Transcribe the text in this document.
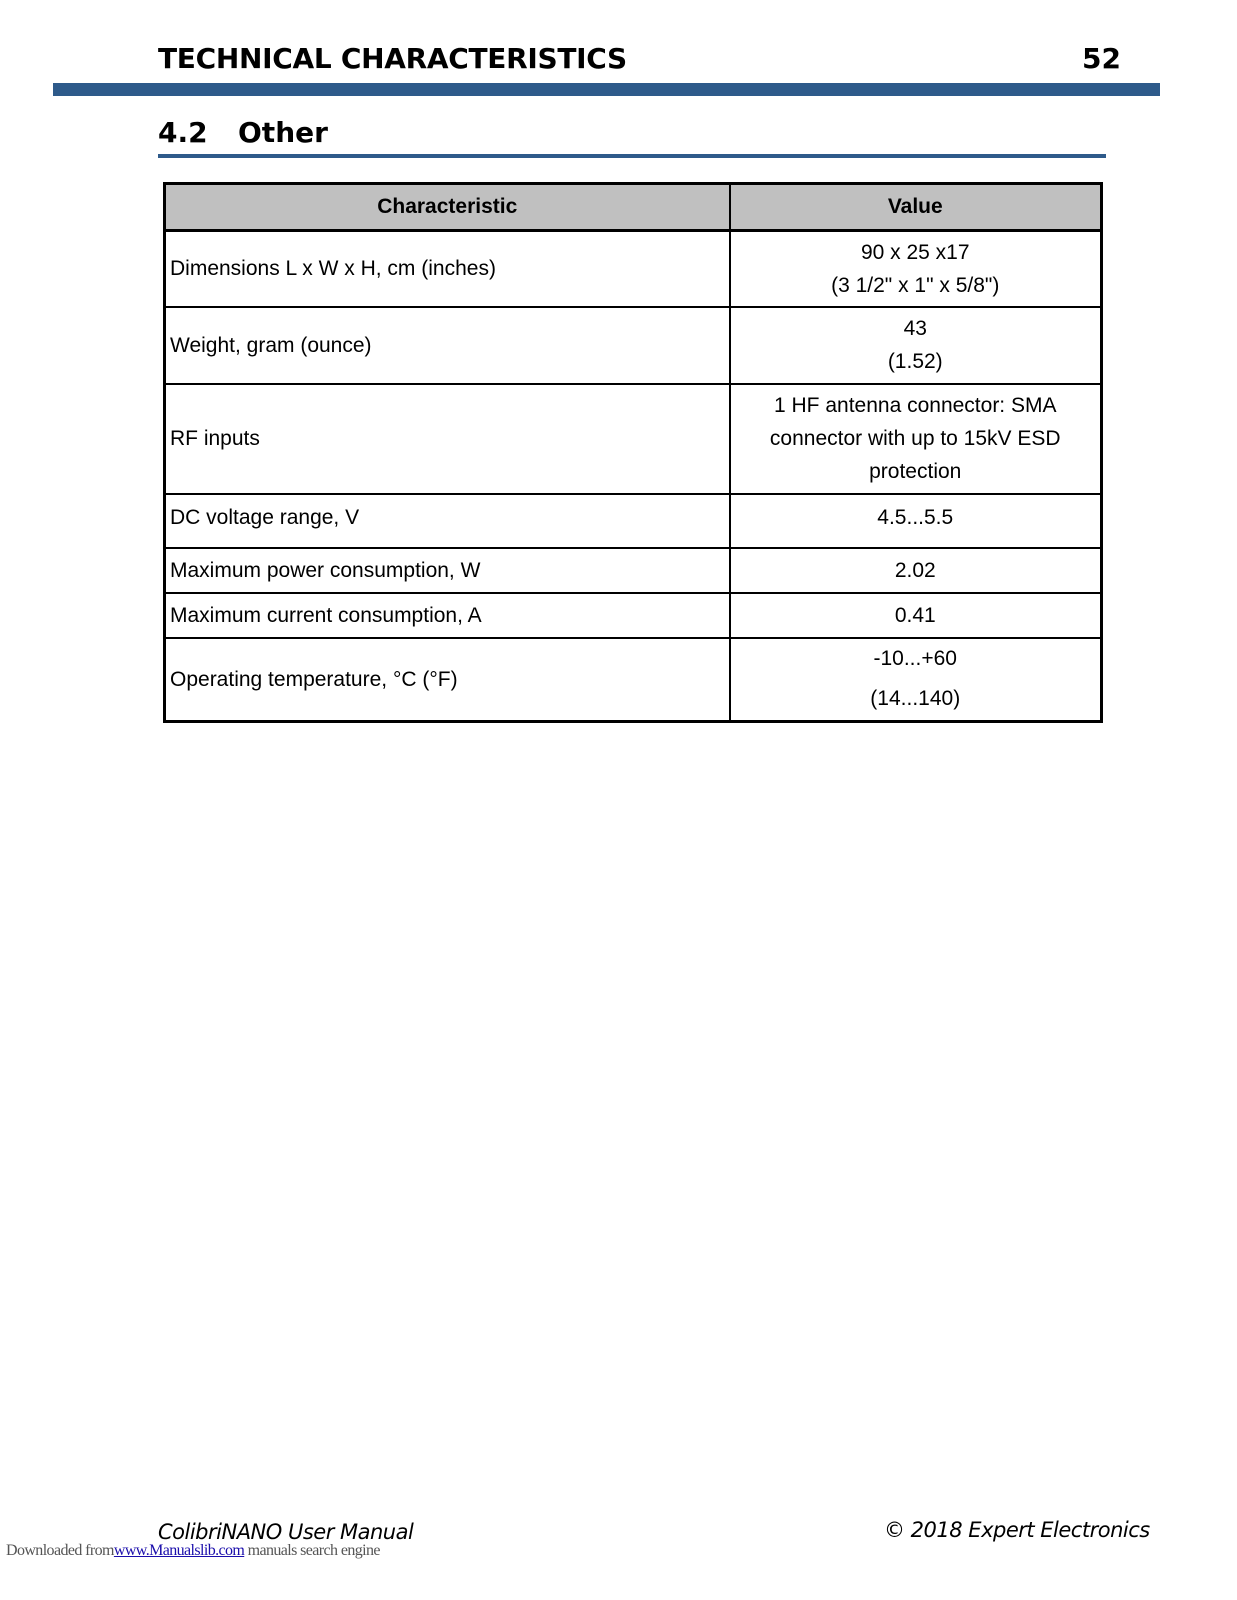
TECHNICAL CHARACTERISTICS	52
4.2 Other
Characteristic	Value
Dimensions L x W x H, cm (inches)	90 x 25 x17
(3 1/2" x 1" x 5/8")

Weight, gram (ounce)	43
(1.52)

RF inputs	1 HF antenna connector: SMA
connector with up to 15kV ESD
protection

DC voltage range, V	4.5...5.5

Maximum power consumption, W	2.02

Maximum current consumption, A	0.41

Operating temperature, °C (°F)	-10...+60
(14...140)
ColibriNANO User Manual	© 2018 Expert Electronics
Downloaded fromwww.Manualslib.com manuals search engine
